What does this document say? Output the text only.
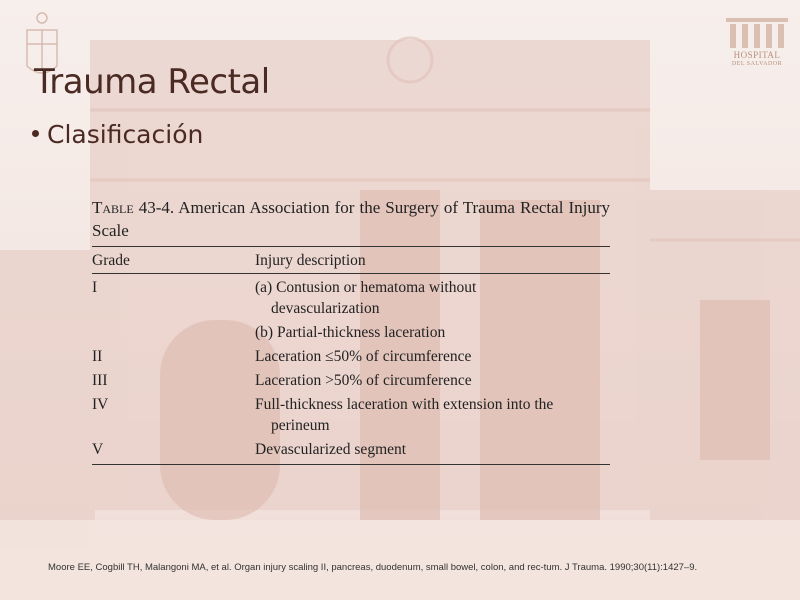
HOSPITAL
DEL SALVADOR
Trauma Rectal
Clasificación
Table 43-4. American Association for the Surgery of Trauma Rectal Injury Scale
Grade	Injury description
I	(a) Contusion or hematoma without
devascularization
(b) Partial-thickness laceration
II	Laceration ≤50% of circumference
III	Laceration >50% of circumference
IV	Full-thickness laceration with extension into the
perineum
V	Devascularized segment
Moore EE, Cogbill TH, Malangoni MA, et al. Organ injury scaling II, pancreas, duodenum, small bowel, colon, and rec-tum. J Trauma. 1990;30(11):1427–9.
